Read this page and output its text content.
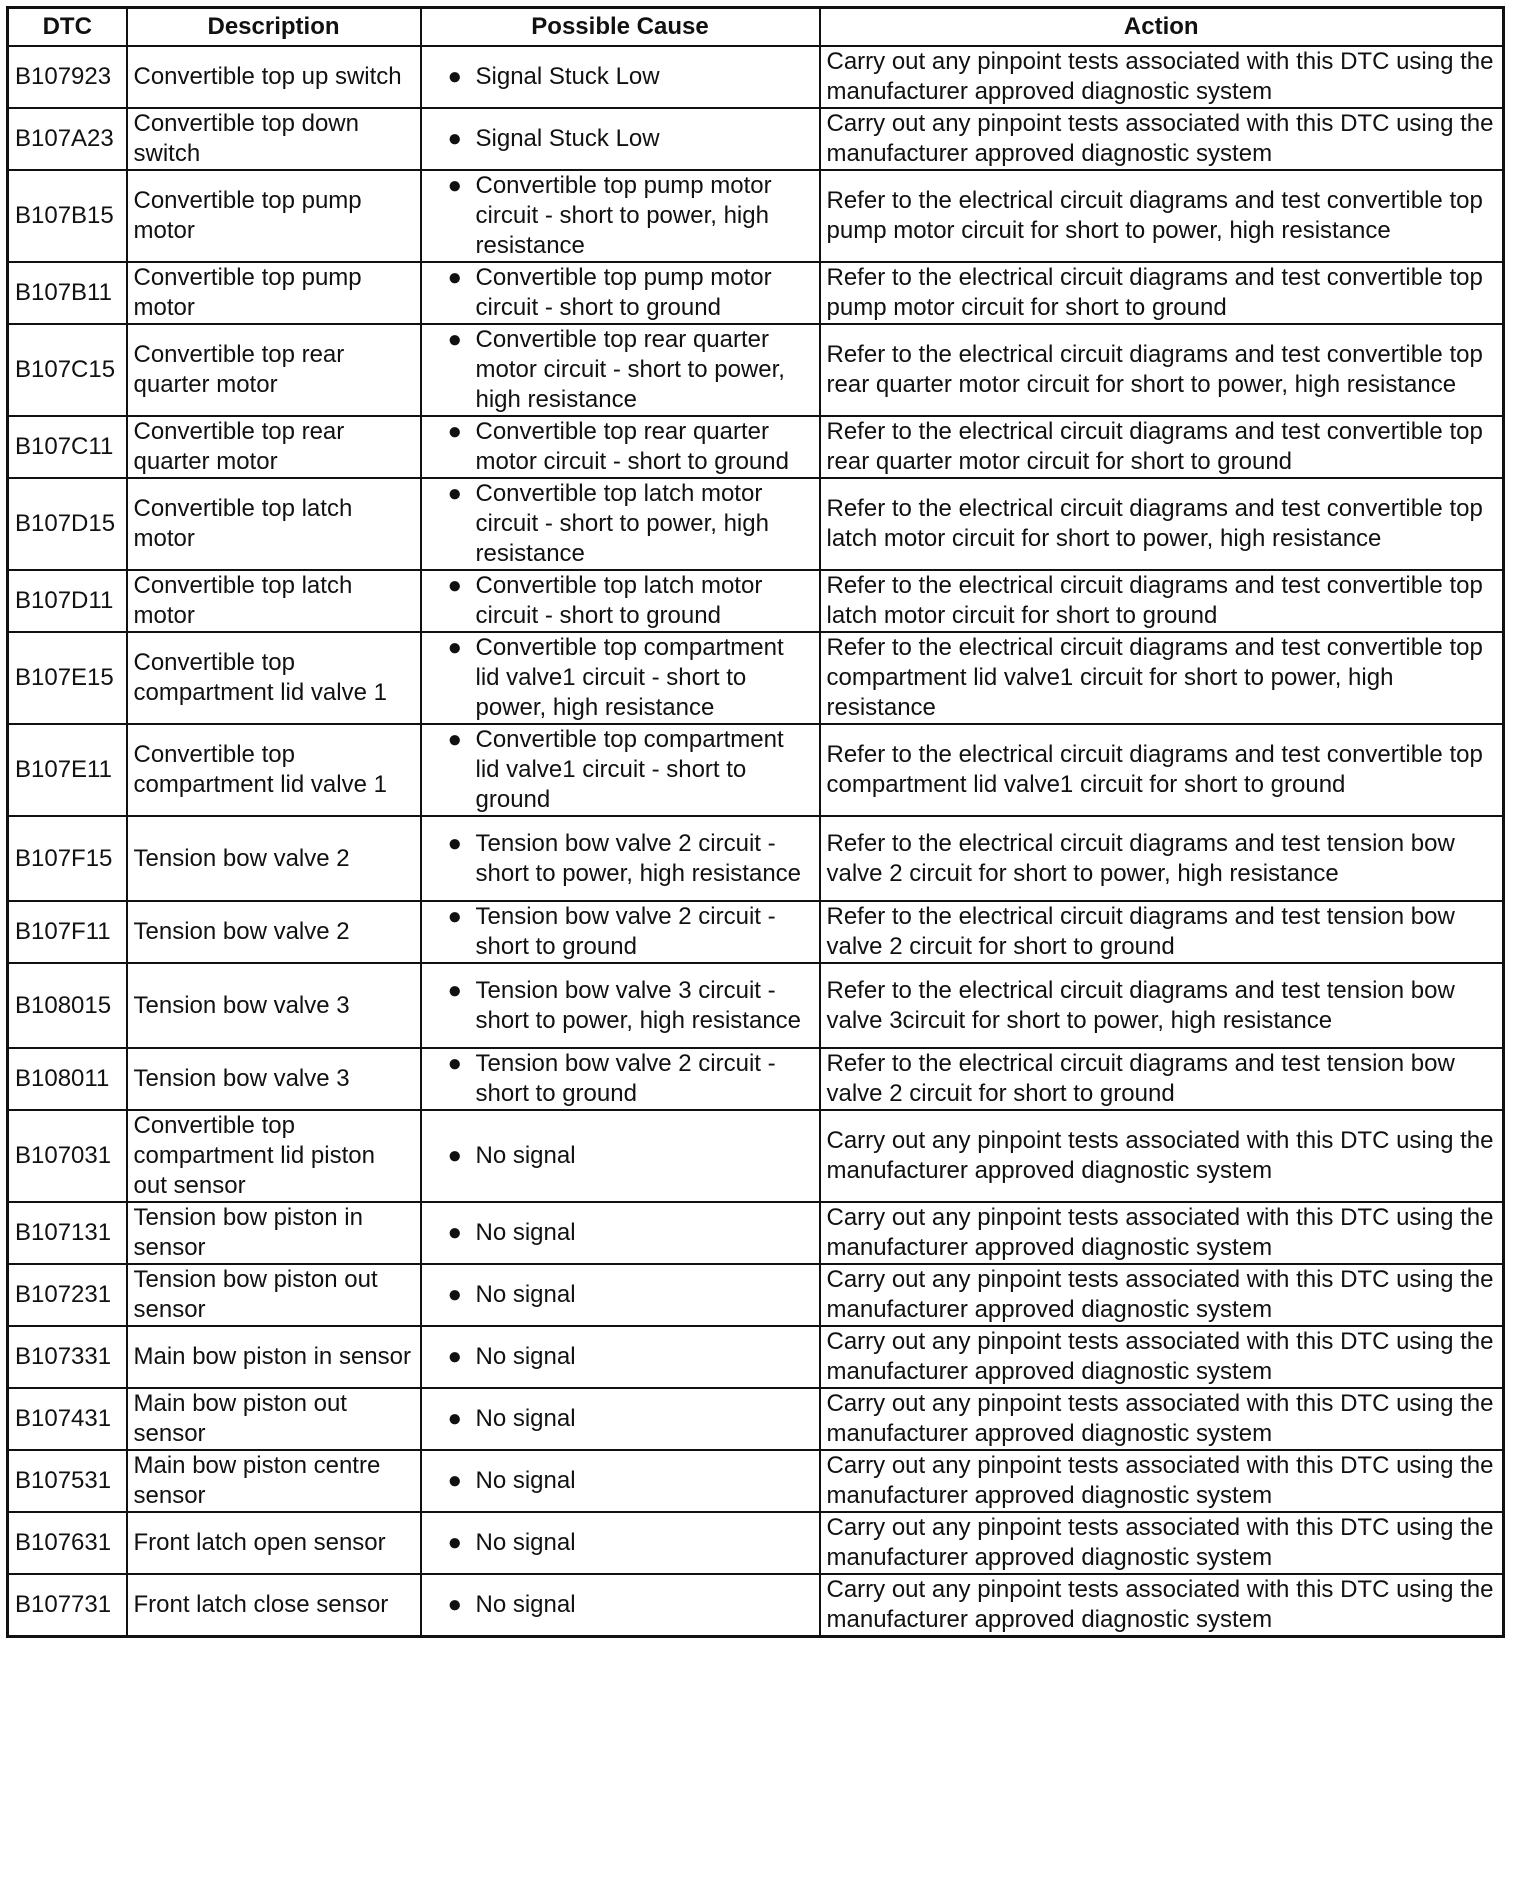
DTC	Description	Possible Cause	Action
B107923	Convertible top up switch	● Signal Stuck Low	Carry out any pinpoint tests associated with this DTC using the manufacturer approved diagnostic system
B107A23	Convertible top down switch	● Signal Stuck Low	Carry out any pinpoint tests associated with this DTC using the manufacturer approved diagnostic system
B107B15	Convertible top pump motor	● Convertible top pump motor circuit - short to power, high resistance	Refer to the electrical circuit diagrams and test convertible top pump motor circuit for short to power, high resistance
B107B11	Convertible top pump motor	● Convertible top pump motor circuit - short to ground	Refer to the electrical circuit diagrams and test convertible top pump motor circuit for short to ground
B107C15	Convertible top rear quarter motor	● Convertible top rear quarter motor circuit - short to power, high resistance	Refer to the electrical circuit diagrams and test convertible top rear quarter motor circuit for short to power, high resistance
B107C11	Convertible top rear quarter motor	● Convertible top rear quarter motor circuit - short to ground	Refer to the electrical circuit diagrams and test convertible top rear quarter motor circuit for short to ground
B107D15	Convertible top latch motor	● Convertible top latch motor circuit - short to power, high resistance	Refer to the electrical circuit diagrams and test convertible top latch motor circuit for short to power, high resistance
B107D11	Convertible top latch motor	● Convertible top latch motor circuit - short to ground	Refer to the electrical circuit diagrams and test convertible top latch motor circuit for short to ground
B107E15	Convertible top compartment lid valve 1	● Convertible top compartment lid valve1 circuit - short to power, high resistance	Refer to the electrical circuit diagrams and test convertible top compartment lid valve1 circuit for short to power, high resistance
B107E11	Convertible top compartment lid valve 1	● Convertible top compartment lid valve1 circuit - short to ground	Refer to the electrical circuit diagrams and test convertible top compartment lid valve1 circuit for short to ground
B107F15	Tension bow valve 2	● Tension bow valve 2 circuit - short to power, high resistance	Refer to the electrical circuit diagrams and test tension bow valve 2 circuit for short to power, high resistance
B107F11	Tension bow valve 2	● Tension bow valve 2 circuit - short to ground	Refer to the electrical circuit diagrams and test tension bow valve 2 circuit for short to ground
B108015	Tension bow valve 3	● Tension bow valve 3 circuit - short to power, high resistance	Refer to the electrical circuit diagrams and test tension bow valve 3circuit for short to power, high resistance
B108011	Tension bow valve 3	● Tension bow valve 2 circuit - short to ground	Refer to the electrical circuit diagrams and test tension bow valve 2 circuit for short to ground
B107031	Convertible top compartment lid piston out sensor	● No signal	Carry out any pinpoint tests associated with this DTC using the manufacturer approved diagnostic system
B107131	Tension bow piston in sensor	● No signal	Carry out any pinpoint tests associated with this DTC using the manufacturer approved diagnostic system
B107231	Tension bow piston out sensor	● No signal	Carry out any pinpoint tests associated with this DTC using the manufacturer approved diagnostic system
B107331	Main bow piston in sensor	● No signal	Carry out any pinpoint tests associated with this DTC using the manufacturer approved diagnostic system
B107431	Main bow piston out sensor	● No signal	Carry out any pinpoint tests associated with this DTC using the manufacturer approved diagnostic system
B107531	Main bow piston centre sensor	● No signal	Carry out any pinpoint tests associated with this DTC using the manufacturer approved diagnostic system
B107631	Front latch open sensor	● No signal	Carry out any pinpoint tests associated with this DTC using the manufacturer approved diagnostic system
B107731	Front latch close sensor	● No signal	Carry out any pinpoint tests associated with this DTC using the manufacturer approved diagnostic system
